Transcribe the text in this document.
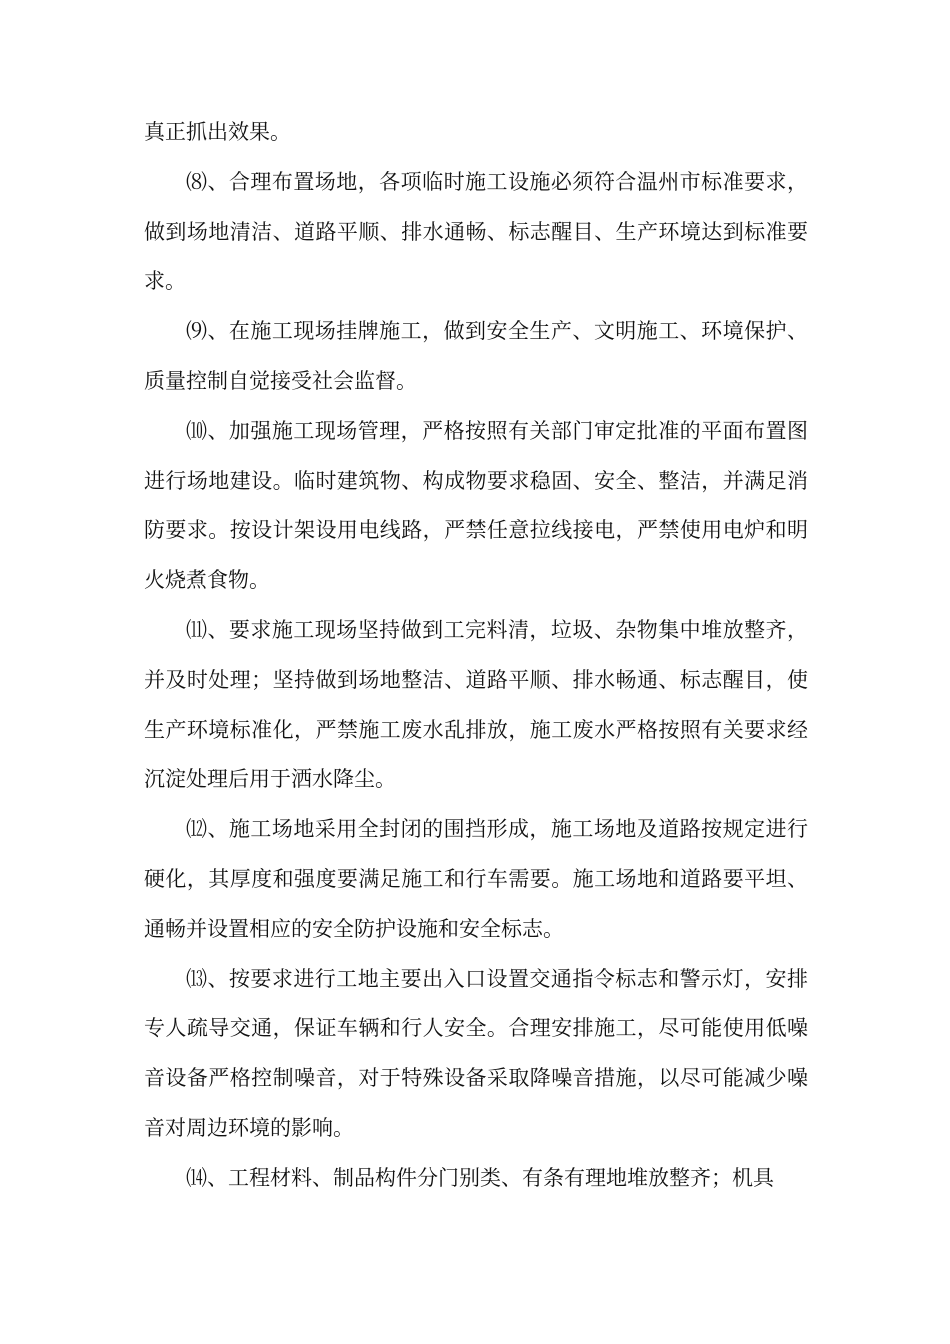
真正抓出效果。

⑻、合理布置场地，各项临时施工设施必须符合温州市标准要求，做到场地清洁、道路平顺、排水通畅、标志醒目、生产环境达到标准要求。

⑼、在施工现场挂牌施工，做到安全生产、文明施工、环境保护、质量控制自觉接受社会监督。

⑽、加强施工现场管理，严格按照有关部门审定批准的平面布置图进行场地建设。临时建筑物、构成物要求稳固、安全、整洁，并满足消防要求。按设计架设用电线路，严禁任意拉线接电，严禁使用电炉和明火烧煮食物。

⑾、要求施工现场坚持做到工完料清，垃圾、杂物集中堆放整齐，并及时处理；坚持做到场地整洁、道路平顺、排水畅通、标志醒目，使生产环境标准化，严禁施工废水乱排放，施工废水严格按照有关要求经沉淀处理后用于洒水降尘。

⑿、施工场地采用全封闭的围挡形成，施工场地及道路按规定进行硬化，其厚度和强度要满足施工和行车需要。施工场地和道路要平坦、通畅并设置相应的安全防护设施和安全标志。

⒀、按要求进行工地主要出入口设置交通指令标志和警示灯，安排专人疏导交通，保证车辆和行人安全。合理安排施工，尽可能使用低噪音设备严格控制噪音，对于特殊设备采取降噪音措施，以尽可能减少噪音对周边环境的影响。

⒁、工程材料、制品构件分门别类、有条有理地堆放整齐；机具
